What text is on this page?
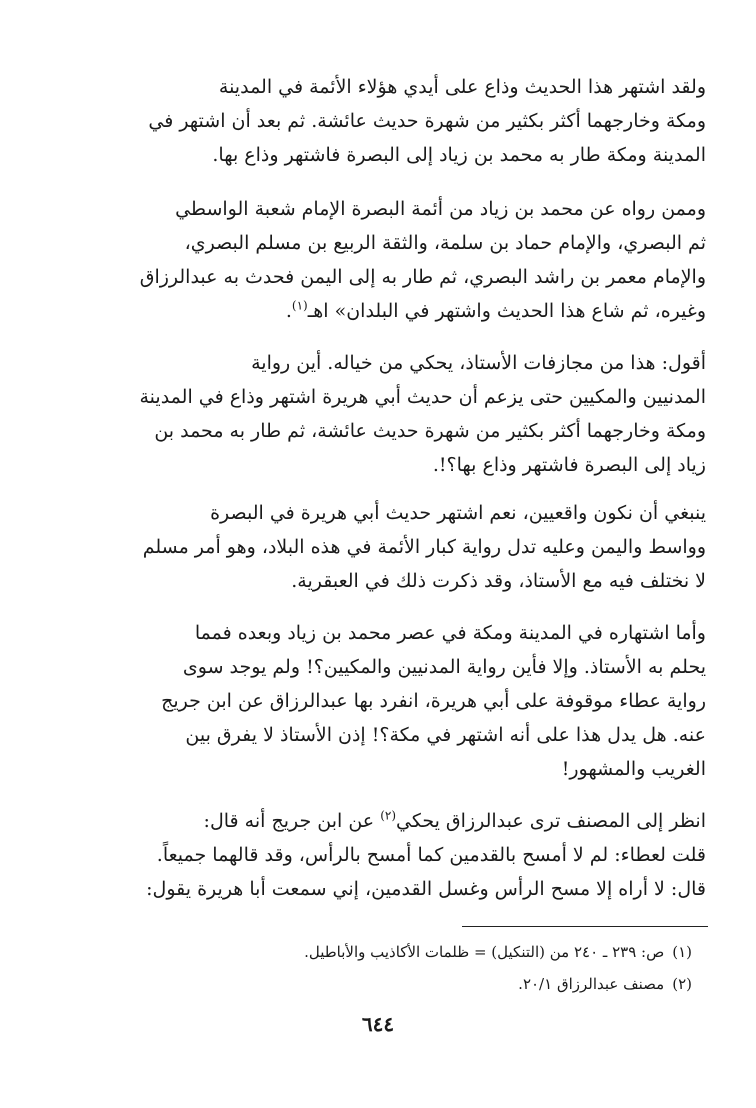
ولقد اشتهر هذا الحديث وذاع على أيدي هؤلاء الأئمة في المدينة
ومكة وخارجهما أكثر بكثير من شهرة حديث عائشة. ثم بعد أن اشتهر في
المدينة ومكة طار به محمد بن زياد إلى البصرة فاشتهر وذاع بها.

وممن رواه عن محمد بن زياد من أئمة البصرة الإمام شعبة الواسطي
ثم البصري، والإمام حماد بن سلمة، والثقة الربيع بن مسلم البصري،
والإمام معمر بن راشد البصري، ثم طار به إلى اليمن فحدث به عبدالرزاق
وغيره، ثم شاع هذا الحديث واشتهر في البلدان» اهـ$^{(١)}$.

أقول: هذا من مجازفات الأستاذ، يحكي من خياله. أين رواية
المدنيين والمكيين حتى يزعم أن حديث أبي هريرة اشتهر وذاع في المدينة
ومكة وخارجهما أكثر بكثير من شهرة حديث عائشة، ثم طار به محمد بن
زياد إلى البصرة فاشتهر وذاع بها؟!.

ينبغي أن نكون واقعيين، نعم اشتهر حديث أبي هريرة في البصرة
وواسط واليمن وعليه تدل رواية كبار الأئمة في هذه البلاد، وهو أمر مسلم
لا نختلف فيه مع الأستاذ، وقد ذكرت ذلك في العبقرية.

وأما اشتهاره في المدينة ومكة في عصر محمد بن زياد وبعده فمما
يحلم به الأستاذ. وإلا فأين رواية المدنيين والمكيين؟! ولم يوجد سوى
رواية عطاء موقوفة على أبي هريرة، انفرد بها عبدالرزاق عن ابن جريج
عنه. هل يدل هذا على أنه اشتهر في مكة؟! إذن الأستاذ لا يفرق بين
الغريب والمشهور!

انظر إلى المصنف ترى عبدالرزاق يحكي$^{(٢)}$ عن ابن جريج أنه قال:
قلت لعطاء: لم لا أمسح بالقدمين كما أمسح بالرأس، وقد قالهما جميعاً.
قال: لا أراه إلا مسح الرأس وغسل القدمين، إني سمعت أبا هريرة يقول:

(١)ص: ٢٣٩ ـ ٢٤٠ من (التنكيل) = ظلمات الأكاذيب والأباطيل.

(٢)مصنف عبدالرزاق ٢٠/١.

٦٤٤
